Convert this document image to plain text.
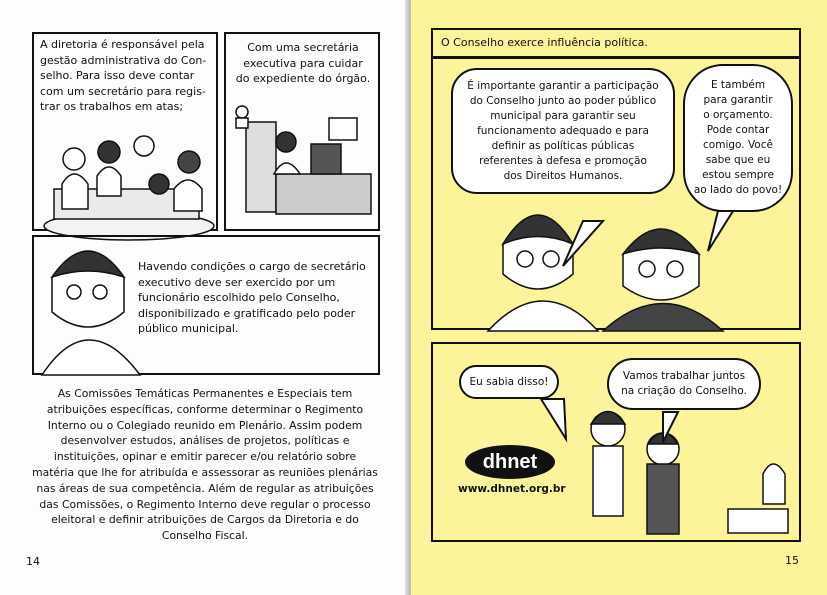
A diretoria é responsável pela
gestão administrativa do Con-
selho. Para isso deve contar
com um secretário para regis-
trar os trabalhos em atas;
Com uma secretária
executiva para cuidar
do expediente do órgão.
Havendo condições o cargo de secretário
executivo deve ser exercido por um
funcionário escolhido pelo Conselho,
disponibilizado e gratificado pelo poder
público municipal.
As Comissões Temáticas Permanentes e Especiais tem
atribuições específicas, conforme determinar o Regimento
Interno ou o Colegiado reunido em Plenário. Assim podem
desenvolver estudos, análises de projetos, políticas e
instituições, opinar e emitir parecer e/ou relatório sobre
matéria que lhe for atribuída e assessorar as reuniões plenárias
nas áreas de sua competência. Além de regular as atribuições
das Comissões, o Regimento Interno deve regular o processo
eleitoral e definir atribuições de Cargos da Diretoria e do
Conselho Fiscal.
14
O Conselho exerce influência política.
É importante garantir a participação
do Conselho junto ao poder público
municipal para garantir seu
funcionamento adequado e para
definir as políticas públicas
referentes à defesa e promoção
dos Direitos Humanos.
E também
para garantir
o orçamento.
Pode contar
comigo. Você
sabe que eu
estou sempre
ao lado do povo!
Eu sabia disso!	Vamos trabalhar juntos
na criação do Conselho.
dhnet
www.dhnet.org.br
15
